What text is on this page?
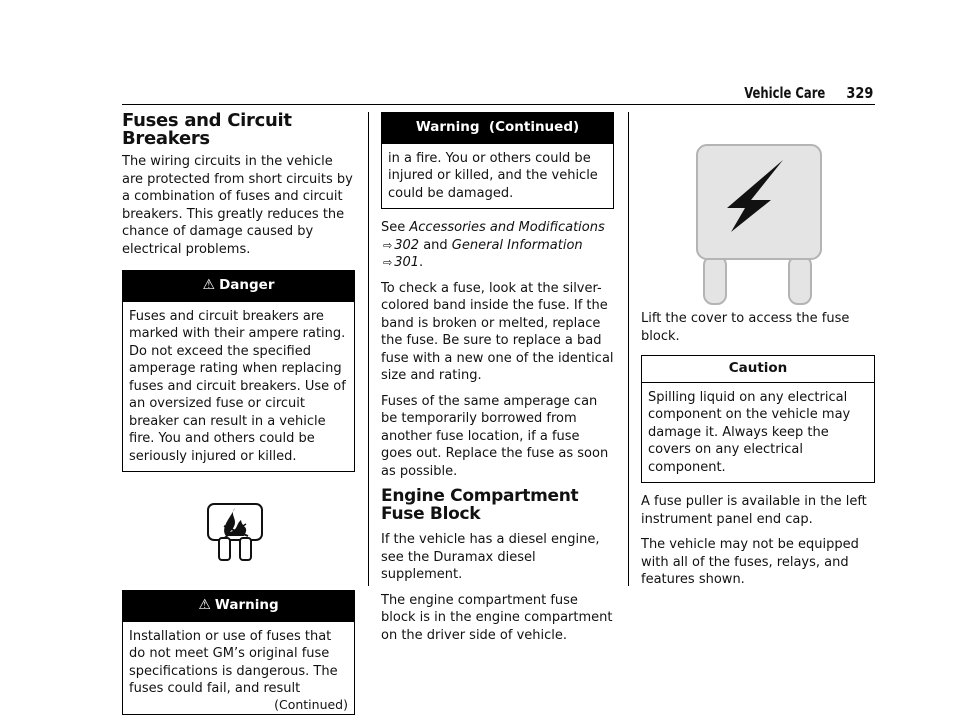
Vehicle Care 329
Fuses and Circuit Breakers

The wiring circuits in the vehicle are protected from short circuits by a combination of fuses and circuit breakers. This greatly reduces the chance of damage caused by electrical problems.

⚠ Danger
Fuses and circuit breakers are marked with their ampere rating. Do not exceed the specified amperage rating when replacing fuses and circuit breakers. Use of an oversized fuse or circuit breaker can result in a vehicle fire. You and others could be seriously injured or killed.
⚠ Warning
Installation or use of fuses that do not meet GM’s original fuse specifications is dangerous. The fuses could fail, and result
(Continued)
Warning  (Continued)
in a fire. You or others could be injured or killed, and the vehicle could be damaged.

See Accessories and Modifications ⇨ 302 and General Information ⇨ 301.

To check a fuse, look at the silver-colored band inside the fuse. If the band is broken or melted, replace the fuse. Be sure to replace a bad fuse with a new one of the identical size and rating.

Fuses of the same amperage can be temporarily borrowed from another fuse location, if a fuse goes out. Replace the fuse as soon as possible.

Engine Compartment Fuse Block

If the vehicle has a diesel engine, see the Duramax diesel supplement.

The engine compartment fuse block is in the engine compartment on the driver side of vehicle.

Lift the cover to access the fuse block.

Caution
Spilling liquid on any electrical component on the vehicle may damage it. Always keep the covers on any electrical component.

A fuse puller is available in the left instrument panel end cap.

The vehicle may not be equipped with all of the fuses, relays, and features shown.
